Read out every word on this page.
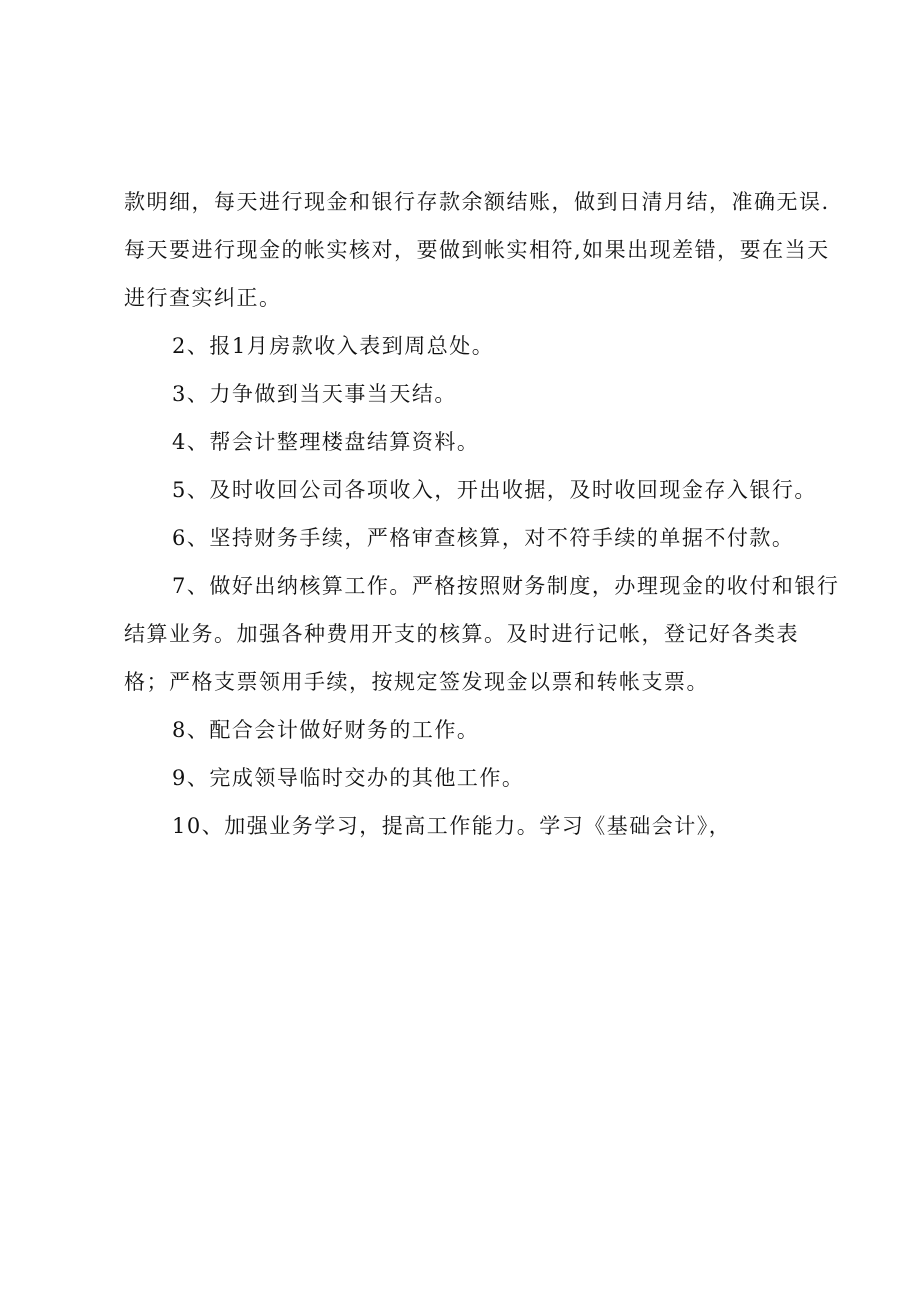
款明细，每天进行现金和银行存款余额结账，做到日清月结，准确无误.每天要进行现金的帐实核对，要做到帐实相符,如果出现差错，要在当天进行查实纠正。

2、报1月房款收入表到周总处。

3、力争做到当天事当天结。

4、帮会计整理楼盘结算资料。

5、及时收回公司各项收入，开出收据，及时收回现金存入银行。

6、坚持财务手续，严格审查核算，对不符手续的单据不付款。

7、做好出纳核算工作。严格按照财务制度，办理现金的收付和银行结算业务。加强各种费用开支的核算。及时进行记帐，登记好各类表格；严格支票领用手续，按规定签发现金以票和转帐支票。

8、配合会计做好财务的工作。

9、完成领导临时交办的其他工作。

10、加强业务学习，提高工作能力。学习《基础会计》，
